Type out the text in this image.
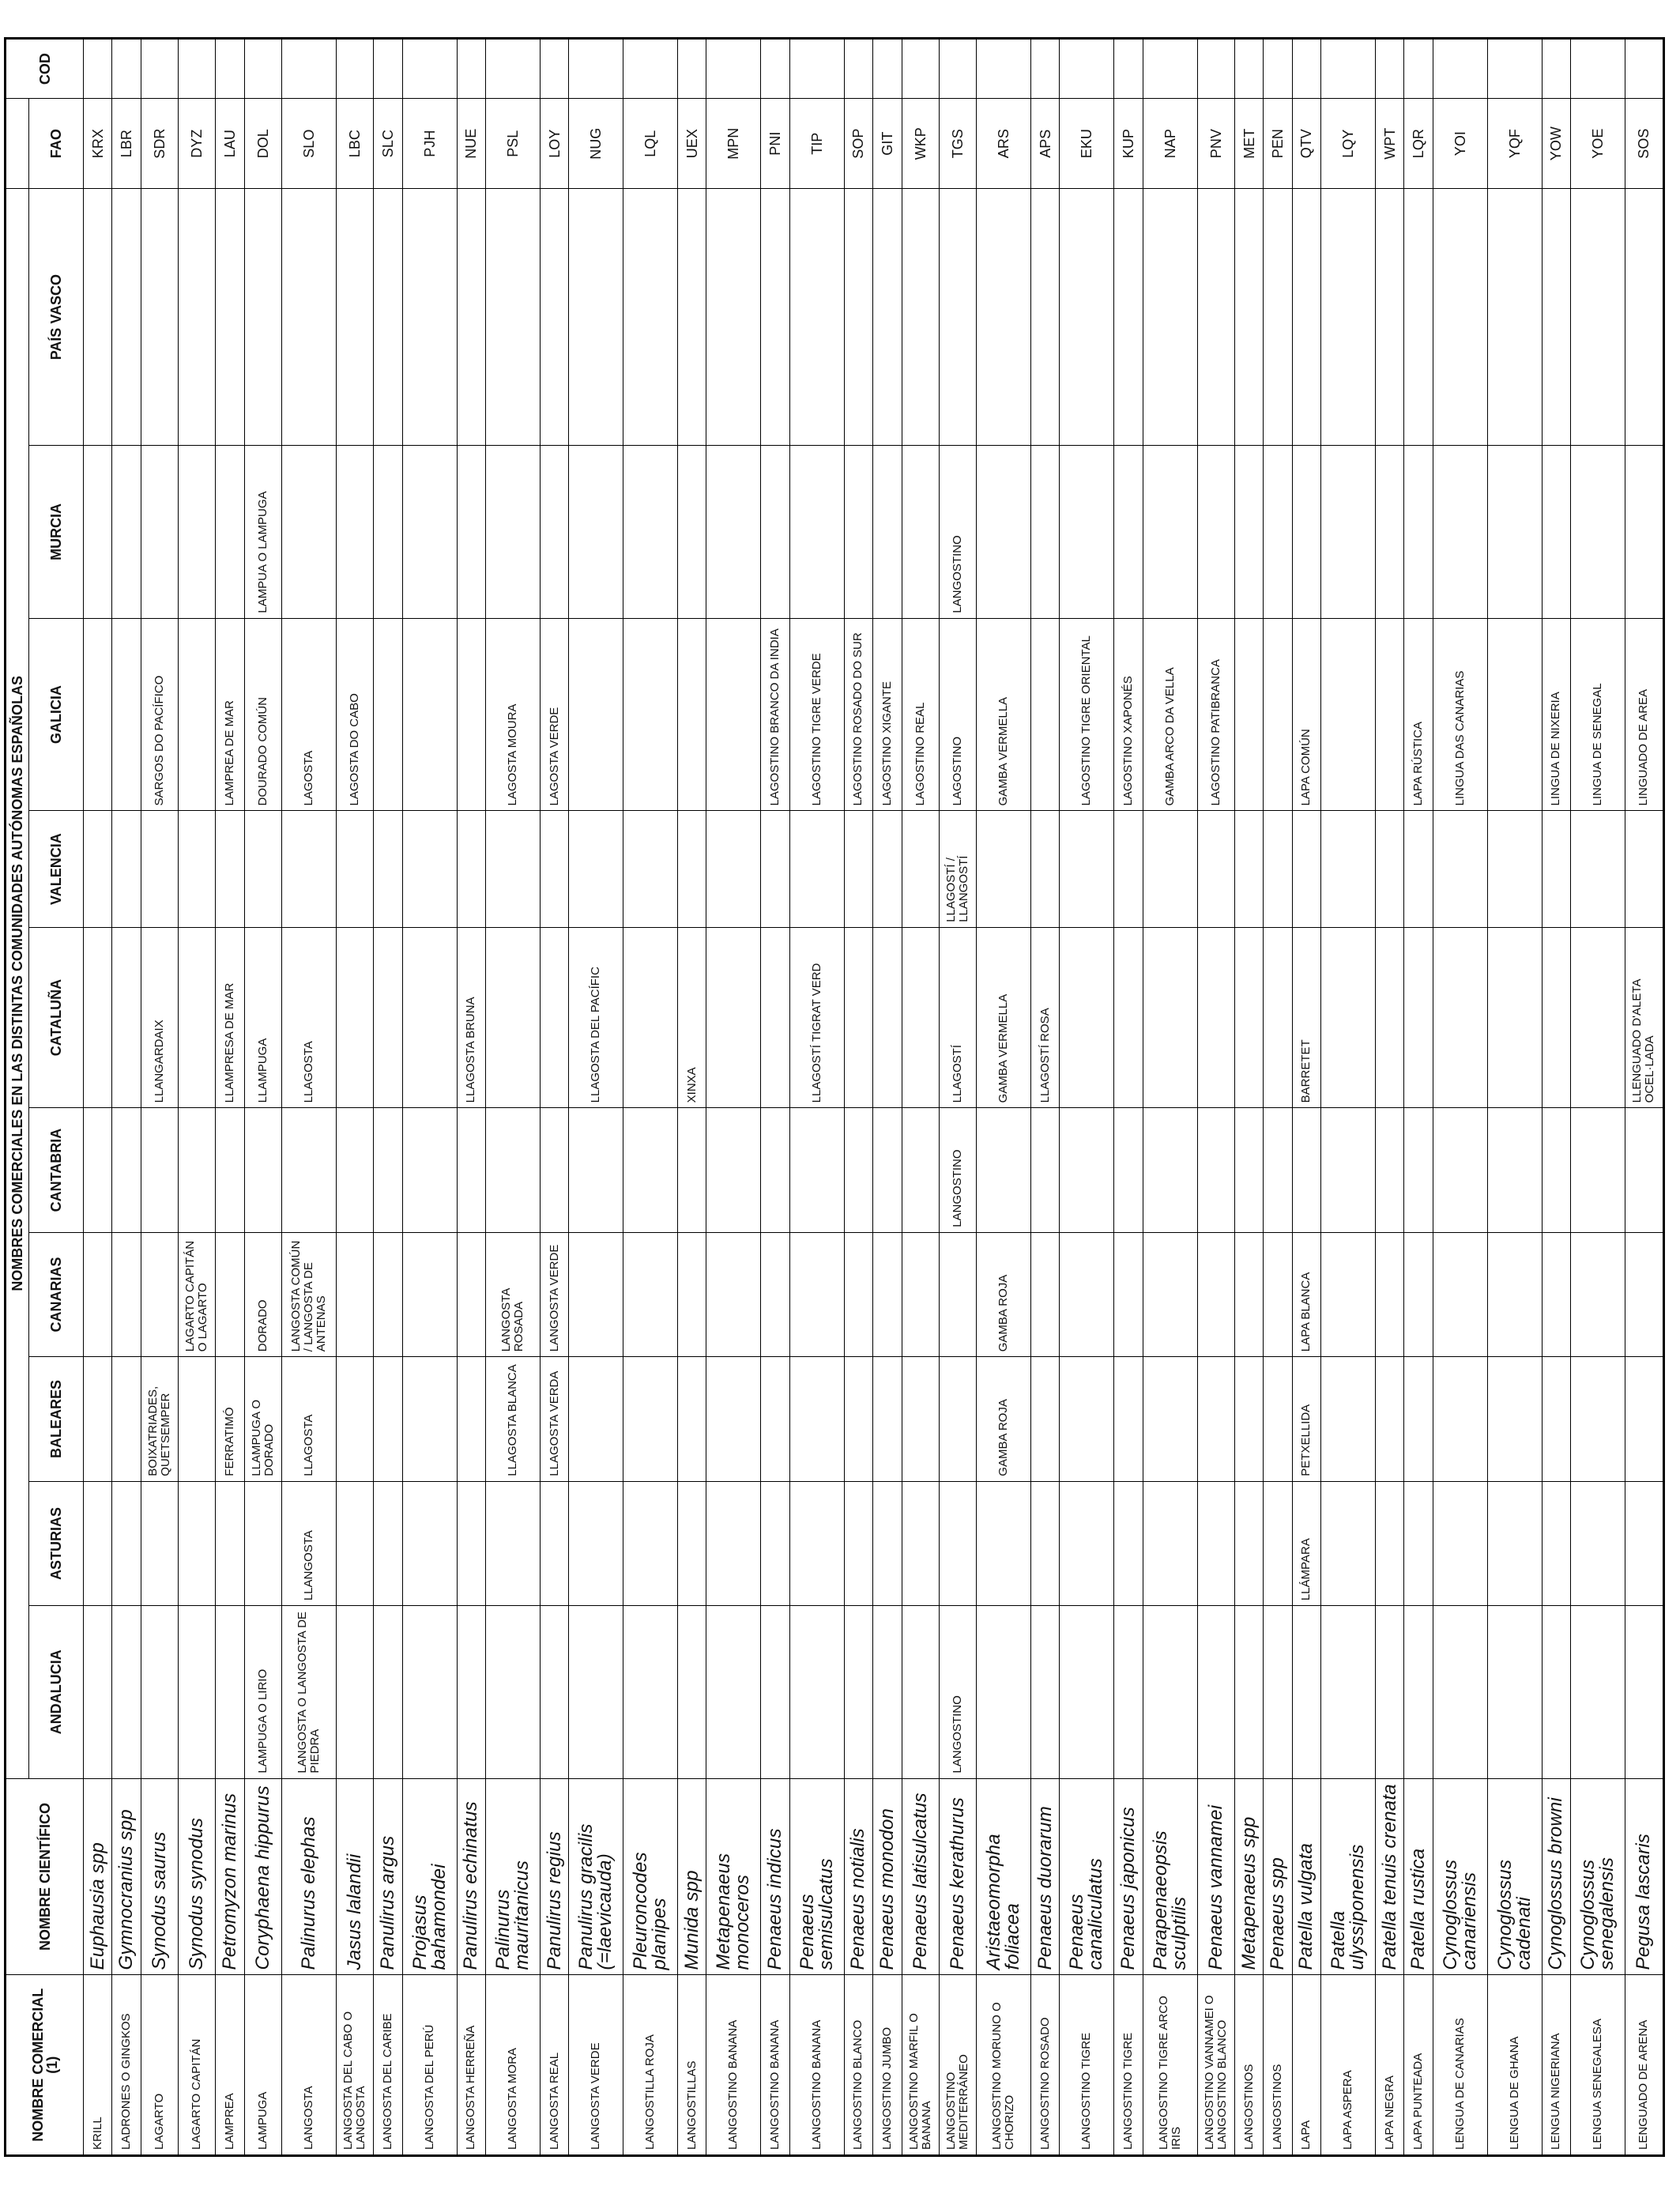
NOMBRE COMERCIAL (1)	NOMBRE CIENTÍFICO	NOMBRES COMERCIALES EN LAS DISTINTAS COMUNIDADES AUTÓNOMAS ESPAÑOLAS											COD
		ANDALUCIA	ASTURIAS	BALEARES	CANARIAS	CANTABRIA	CATALUÑA	VALENCIA	GALICIA	MURCIA	PAÍS VASCO	FAO	
KRILL	Euphausia spp											KRX	
LADRONES O GINGKOS	Gymnocranius spp											LBR	
LAGARTO	Synodus saurus			BOIXATRIADES, QUETSEMPER			LLANGARDAIX		SARGOS DO PACÍFICO			SDR	
LAGARTO CAPITÁN	Synodus synodus				LAGARTO CAPITÁN O LAGARTO							DYZ	
LAMPREA	Petromyzon marinus			FERRATIMÓ			LLAMPRESA DE MAR		LAMPREA DE MAR			LAU	
LAMPUGA	Coryphaena hippurus	LAMPUGA O LIRIO		LLAMPUGA O DORADO	DORADO		LLAMPUGA		DOURADO COMÚN	LAMPUA O LAMPUGA		DOL	
LANGOSTA	Palinurus elephas	LANGOSTA O LANGOSTA DE PIEDRA	LLANGOSTA	LLAGOSTA	LANGOSTA COMÚN / LANGOSTA DE ANTENAS		LLAGOSTA		LAGOSTA			SLO	
LANGOSTA DEL CABO O LANGOSTA	Jasus lalandii								LAGOSTA DO CABO			LBC	
LANGOSTA DEL CARIBE	Panulirus argus											SLC	
LANGOSTA DEL PERÚ	Projasus bahamondei											PJH	
LANGOSTA HERREÑA	Panulirus echinatus						LLAGOSTA BRUNA					NUE	
LANGOSTA MORA	Palinurus mauritanicus			LLAGOSTA BLANCA	LANGOSTA ROSADA				LAGOSTA MOURA			PSL	
LANGOSTA REAL	Panulirus regius			LLAGOSTA VERDA	LANGOSTA VERDE				LAGOSTA VERDE			LOY	
LANGOSTA VERDE	Panulirus gracilis (=laevicauda)						LLAGOSTA DEL PACÍFIC					NUG	
LANGOSTILLA ROJA	Pleuroncodes planipes											LQL	
LANGOSTILLAS	Munida spp						XINXA					UEX	
LANGOSTINO BANANA	Metapenaeus monoceros											MPN	
LANGOSTINO BANANA	Penaeus indicus								LAGOSTINO BRANCO DA INDIA			PNI	
LANGOSTINO BANANA	Penaeus semisulcatus						LLAGOSTÍ TIGRAT VERD		LAGOSTINO TIGRE VERDE			TIP	
LANGOSTINO BLANCO	Penaeus notialis								LAGOSTINO ROSADO DO SUR			SOP	
LANGOSTINO JUMBO	Penaeus monodon								LAGOSTINO XIGANTE			GIT	
LANGOSTINO MARFIL O BANANA	Penaeus latisulcatus								LAGOSTINO REAL			WKP	
LANGOSTINO MEDITERRÁNEO	Penaeus kerathurus	LANGOSTINO				LANGOSTINO	LLAGOSTÍ	LLAGOSTÍ / LLANGOSTÍ	LAGOSTINO	LANGOSTINO		TGS	
LANGOSTINO MORUNO O CHORIZO	Aristaeomorpha foliacea			GAMBA ROJA	GAMBA ROJA		GAMBA VERMELLA		GAMBA VERMELLA			ARS	
LANGOSTINO ROSADO	Penaeus duorarum						LLAGOSTÍ ROSA					APS	
LANGOSTINO TIGRE	Penaeus canaliculatus								LAGOSTINO TIGRE ORIENTAL			EKU	
LANGOSTINO TIGRE	Penaeus japonicus								LAGOSTINO XAPONÉS			KUP	
LANGOSTINO TIGRE ARCO IRIS	Parapenaeopsis sculptilis								GAMBA ARCO DA VELLA			NAP	
LANGOSTINO VANNAMEI O LANGOSTINO BLANCO	Penaeus vannamei								LAGOSTINO PATIBRANCA			PNV	
LANGOSTINOS	Metapenaeus spp											MET	
LANGOSTINOS	Penaeus spp											PEN	
LAPA	Patella vulgata		LLÁMPARA	PETXELLIDA	LAPA BLANCA		BARRETET		LAPA COMÚN			QTV	
LAPA ASPERA	Patella ulyssiponensis											LQY	
LAPA NEGRA	Patella tenuis crenata											WPT	
LAPA PUNTEADA	Patella rustica								LAPA RÚSTICA			LQR	
LENGUA DE CANARIAS	Cynoglossus canariensis								LINGUA DAS CANARIAS			YOI	
LENGUA DE GHANA	Cynoglossus cadenati											YQF	
LENGUA NIGERIANA	Cynoglossus browni								LINGUA DE NIXERIA			YOW	
LENGUA SENEGALESA	Cynoglossus senegalensis								LINGUA DE SENEGAL			YOE	
LENGUADO DE ARENA	Pegusa lascaris						LLENGUADO D'ALETA OCEL·LADA		LINGUADO DE AREA			SOS	
